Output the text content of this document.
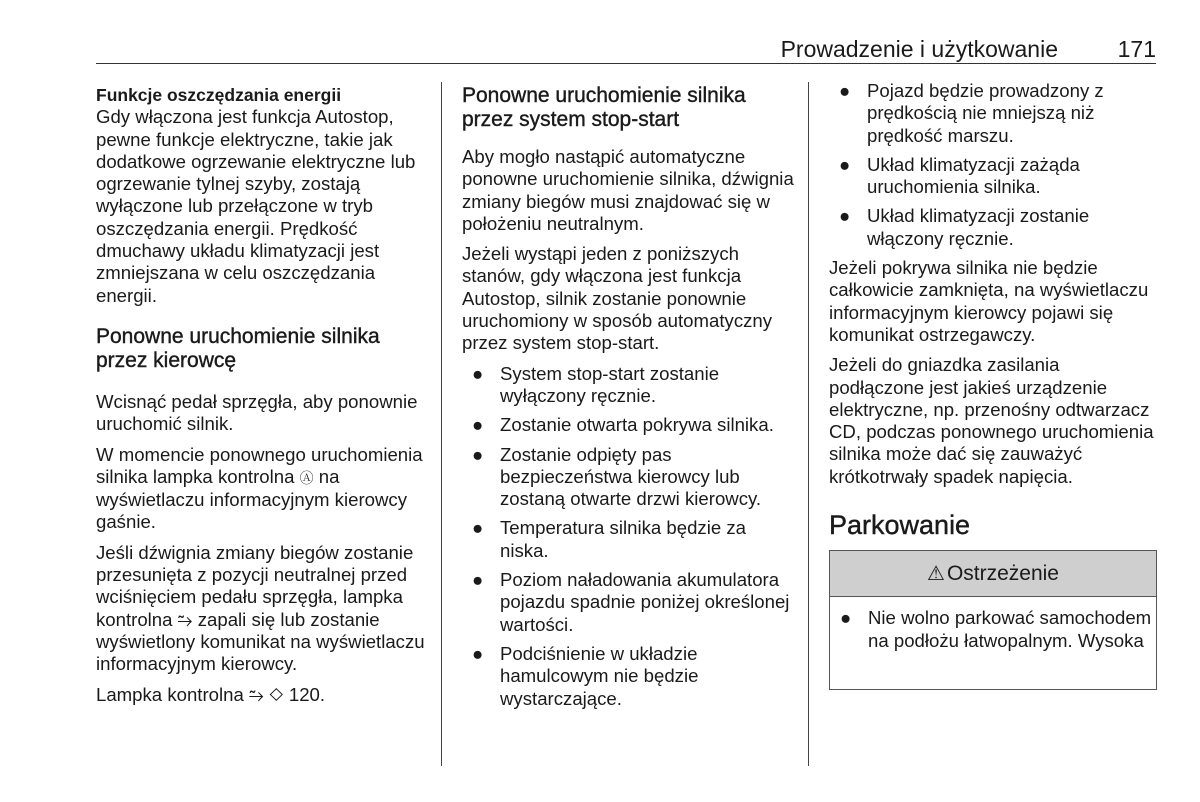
Prowadzenie i użytkowanie	171
Funkcje oszczędzania energii

Gdy włączona jest funkcja Autostop, pewne funkcje elektryczne, takie jak dodatkowe ogrzewanie elektryczne lub ogrzewanie tylnej szyby, zostają wyłączone lub przełączone w tryb oszczędzania energii. Prędkość dmuchawy układu klimatyzacji jest zmniejszana w celu oszczędzania energii.

Ponowne uruchomienie silnika przez kierowcę

Wcisnąć pedał sprzęgła, aby ponownie uruchomić silnik.

W momencie ponownego uruchomienia silnika lampka kontrolna Ⓐ na wyświetlaczu informacyjnym kierowcy gaśnie.

Jeśli dźwignia zmiany biegów zostanie przesunięta z pozycji neutralnej przed wciśnięciem pedału sprzęgła, lampka kontrolna ⥲ zapali się lub zostanie wyświetlony komunikat na wyświetlaczu informacyjnym kierowcy.

Lampka kontrolna ⥲ ◇ 120.

Ponowne uruchomienie silnika przez system stop-start

Aby mogło nastąpić automatyczne ponowne uruchomienie silnika, dźwignia zmiany biegów musi znajdować się w położeniu neutralnym.

Jeżeli wystąpi jeden z poniższych stanów, gdy włączona jest funkcja Autostop, silnik zostanie ponownie uruchomiony w sposób automatyczny przez system stop-start.

● System stop-start zostanie wyłączony ręcznie.
● Zostanie otwarta pokrywa silnika.
● Zostanie odpięty pas bezpieczeństwa kierowcy lub zostaną otwarte drzwi kierowcy.
● Temperatura silnika będzie za niska.
● Poziom naładowania akumulatora pojazdu spadnie poniżej określonej wartości.
● Podciśnienie w układzie hamulcowym nie będzie wystarczające.
● Pojazd będzie prowadzony z prędkością nie mniejszą niż prędkość marszu.
● Układ klimatyzacji zażąda uruchomienia silnika.
● Układ klimatyzacji zostanie włączony ręcznie.

Jeżeli pokrywa silnika nie będzie całkowicie zamknięta, na wyświetlaczu informacyjnym kierowcy pojawi się komunikat ostrzegawczy.

Jeżeli do gniazdka zasilania podłączone jest jakieś urządzenie elektryczne, np. przenośny odtwarzacz CD, podczas ponownego uruchomienia silnika może dać się zauważyć krótkotrwały spadek napięcia.

Parkowanie
⚠Ostrzeżenie
● Nie wolno parkować samochodem na podłożu łatwopalnym. Wysoka
